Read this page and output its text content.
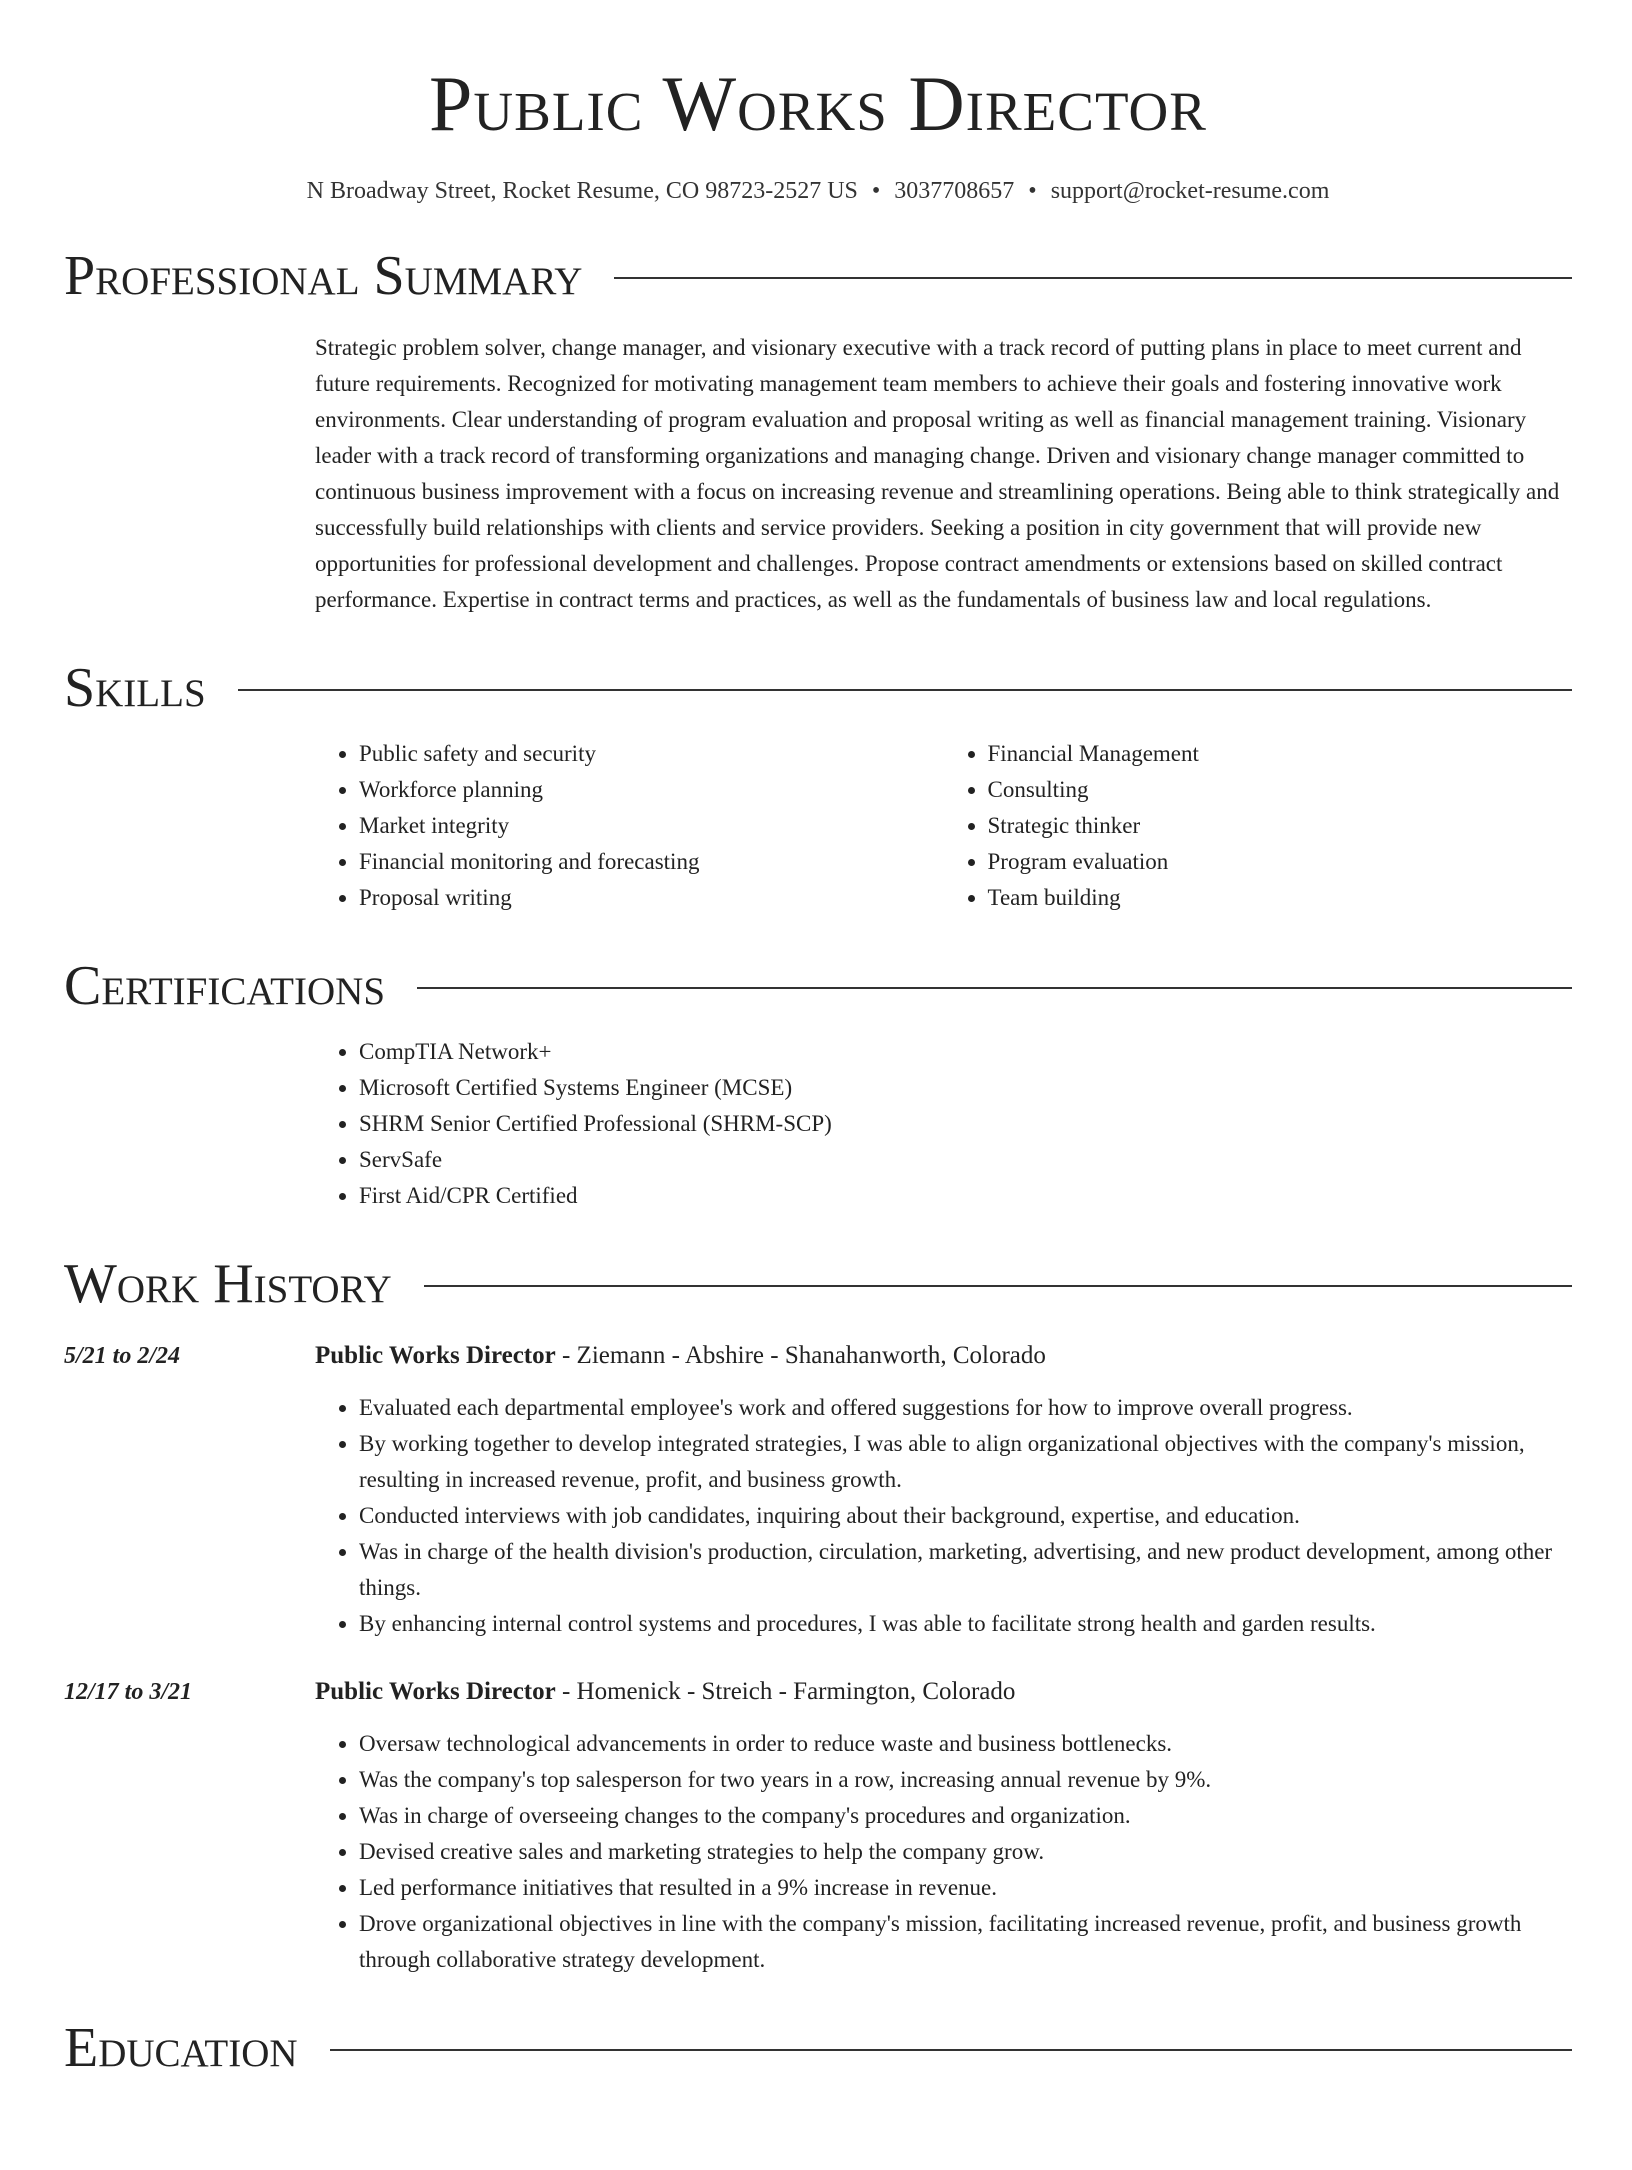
Public Works Director
N Broadway Street, Rocket Resume, CO 98723-2527 US • 3037708657 • support@rocket-resume.com
Professional Summary
Strategic problem solver, change manager, and visionary executive with a track record of putting plans in place to meet current and future requirements. Recognized for motivating management team members to achieve their goals and fostering innovative work environments. Clear understanding of program evaluation and proposal writing as well as financial management training. Visionary leader with a track record of transforming organizations and managing change. Driven and visionary change manager committed to continuous business improvement with a focus on increasing revenue and streamlining operations. Being able to think strategically and successfully build relationships with clients and service providers. Seeking a position in city government that will provide new opportunities for professional development and challenges. Propose contract amendments or extensions based on skilled contract performance. Expertise in contract terms and practices, as well as the fundamentals of business law and local regulations.
Skills
• Public safety and security
• Workforce planning
• Market integrity
• Financial monitoring and forecasting
• Proposal writing
• Financial Management
• Consulting
• Strategic thinker
• Program evaluation
• Team building
Certifications
• CompTIA Network+
• Microsoft Certified Systems Engineer (MCSE)
• SHRM Senior Certified Professional (SHRM-SCP)
• ServSafe
• First Aid/CPR Certified
Work History
5/21 to 2/24	Public Works Director - Ziemann - Abshire - Shanahanworth, Colorado
• Evaluated each departmental employee's work and offered suggestions for how to improve overall progress.
• By working together to develop integrated strategies, I was able to align organizational objectives with the company's mission, resulting in increased revenue, profit, and business growth.
• Conducted interviews with job candidates, inquiring about their background, expertise, and education.
• Was in charge of the health division's production, circulation, marketing, advertising, and new product development, among other things.
• By enhancing internal control systems and procedures, I was able to facilitate strong health and garden results.
12/17 to 3/21	Public Works Director - Homenick - Streich - Farmington, Colorado
• Oversaw technological advancements in order to reduce waste and business bottlenecks.
• Was the company's top salesperson for two years in a row, increasing annual revenue by 9%.
• Was in charge of overseeing changes to the company's procedures and organization.
• Devised creative sales and marketing strategies to help the company grow.
• Led performance initiatives that resulted in a 9% increase in revenue.
• Drove organizational objectives in line with the company's mission, facilitating increased revenue, profit, and business growth through collaborative strategy development.
Education
